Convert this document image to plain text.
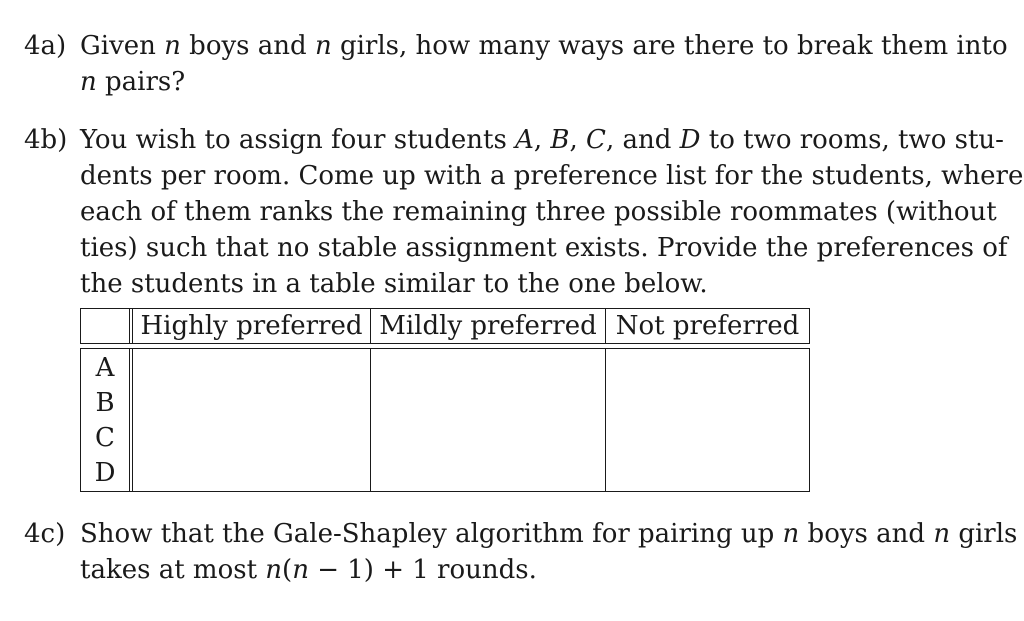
4a) Given n boys and n girls, how many ways are there to break them into
n pairs?
4b) You wish to assign four students A, B, C, and D to two rooms, two stu-
dents per room. Come up with a preference list for the students, where
each of them ranks the remaining three possible roommates (without
ties) such that no stable assignment exists. Provide the preferences of
the students in a table similar to the one below.
Highly preferred Mildly preferred Not preferred
A
B
C
D
4c) Show that the Gale-Shapley algorithm for pairing up n boys and n girls
takes at most n(n − 1) + 1 rounds.
